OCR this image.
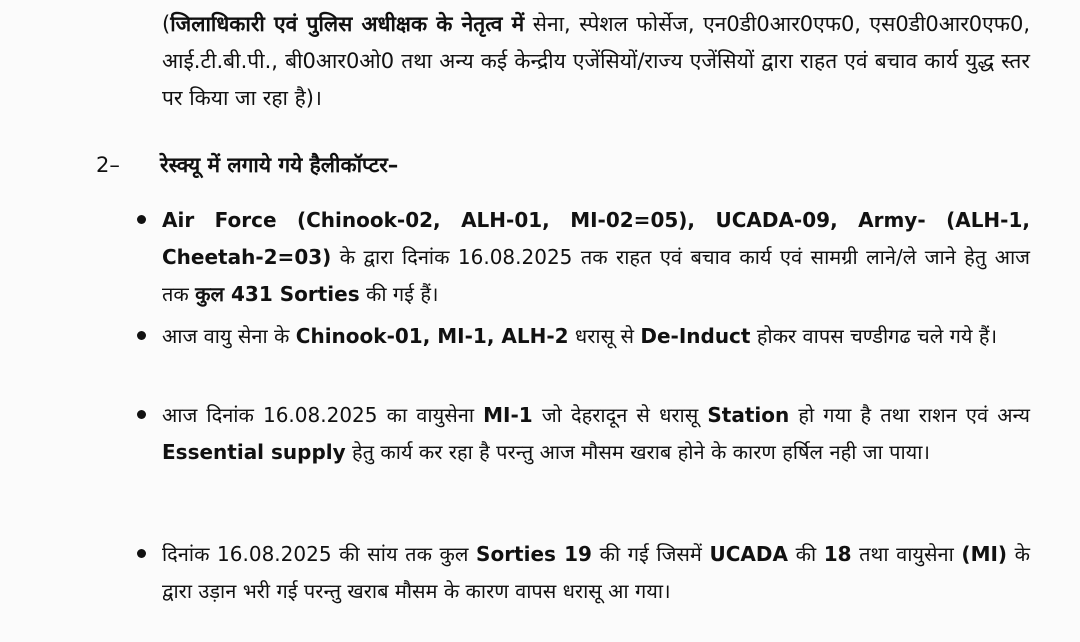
(जिलाधिकारी एवं पुलिस अधीक्षक के नेतृत्व में सेना, स्पेशल फोर्सेज, एन0डी0आर0एफ0, एस0डी0आर0एफ0, आई.टी.बी.पी., बी0आर0ओ0 तथा अन्य कई केन्द्रीय एजेंसियों/राज्य एजेंसियों द्वारा राहत एवं बचाव कार्य युद्ध स्तर पर किया जा रहा है)।
2– रेस्क्यू में लगाये गये हैलीकॉप्टर–
Air Force (Chinook-02, ALH-01, MI-02=05), UCADA-09, Army- (ALH-1, Cheetah-2=03) के द्वारा दिनांक 16.08.2025 तक राहत एवं बचाव कार्य एवं सामग्री लाने/ले जाने हेतु आज तक कुल 431 Sorties की गई हैं।
आज वायु सेना के Chinook-01, MI-1, ALH-2 धरासू से De-Induct होकर वापस चण्डीगढ चले गये हैं।
आज दिनांक 16.08.2025 का वायुसेना MI-1 जो देहरादून से धरासू Station हो गया है तथा राशन एवं अन्य Essential supply हेतु कार्य कर रहा है परन्तु आज मौसम खराब होने के कारण हर्षिल नही जा पाया।
दिनांक 16.08.2025 की सांय तक कुल Sorties 19 की गई जिसमें UCADA की 18 तथा वायुसेना (MI) के द्वारा उड़ान भरी गई परन्तु खराब मौसम के कारण वापस धरासू आ गया।
